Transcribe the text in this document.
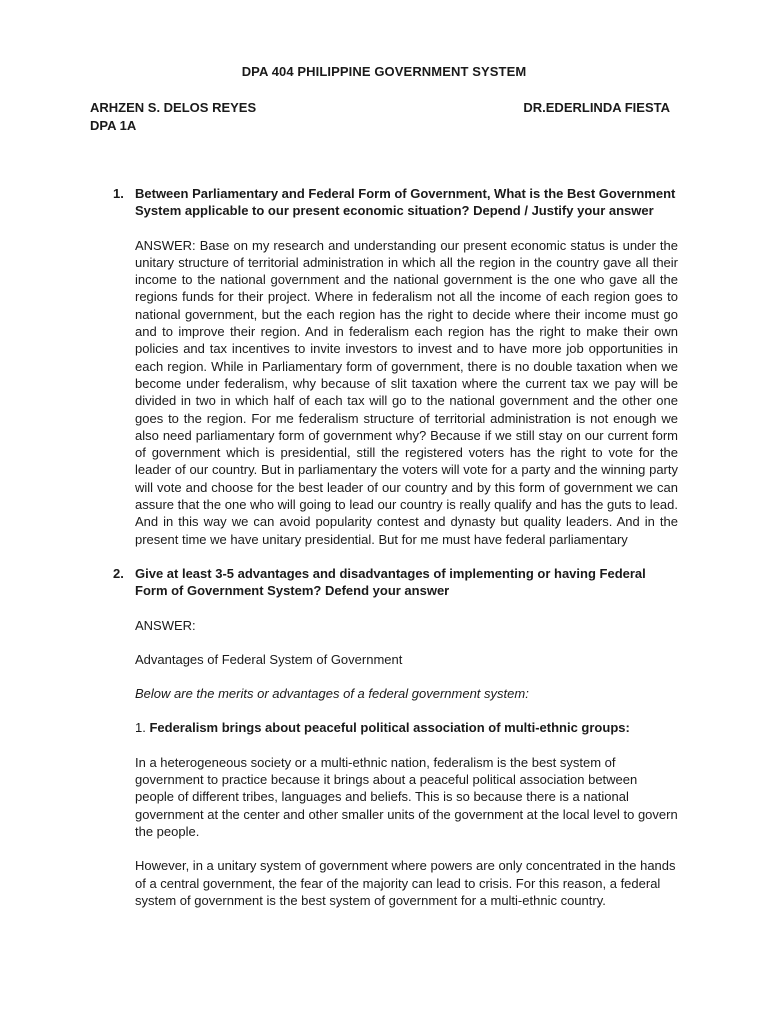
DPA 404 PHILIPPINE GOVERNMENT SYSTEM
ARHZEN S. DELOS REYES
DPA 1A
DR.EDERLINDA FIESTA
1. Between Parliamentary and Federal Form of Government, What is the Best Government System applicable to our present economic situation? Depend / Justify your answer
ANSWER: Base on my research and understanding our present economic status is under the unitary structure of territorial administration in which all the region in the country gave all their income to the national government and the national government is the one who gave all the regions funds for their project. Where in federalism not all the income of each region goes to national government, but the each region has the right to decide where their income must go and to improve their region. And in federalism each region has the right to make their own policies and tax incentives to invite investors to invest and to have more job opportunities in each region. While in Parliamentary form of government, there is no double taxation when we become under federalism, why because of slit taxation where the current tax we pay will be divided in two in which half of each tax will go to the national government and the other one goes to the region. For me federalism structure of territorial administration is not enough we also need parliamentary form of government why? Because if we still stay on our current form of government which is presidential, still the registered voters has the right to vote for the leader of our country. But in parliamentary the voters will vote for a party and the winning party will vote and choose for the best leader of our country and by this form of government we can assure that the one who will going to lead our country is really qualify and has the guts to lead. And in this way we can avoid popularity contest and dynasty but quality leaders. And in the present time we have unitary presidential. But for me must have federal parliamentary
2. Give at least 3-5 advantages and disadvantages of implementing or having Federal Form of Government System? Defend your answer
ANSWER:
Advantages of Federal System of Government
Below are the merits or advantages of a federal government system:
1. Federalism brings about peaceful political association of multi-ethnic groups:
In a heterogeneous society or a multi-ethnic nation, federalism is the best system of government to practice because it brings about a peaceful political association between people of different tribes, languages and beliefs. This is so because there is a national government at the center and other smaller units of the government at the local level to govern the people.
However, in a unitary system of government where powers are only concentrated in the hands of a central government, the fear of the majority can lead to crisis. For this reason, a federal system of government is the best system of government for a multi-ethnic country.
